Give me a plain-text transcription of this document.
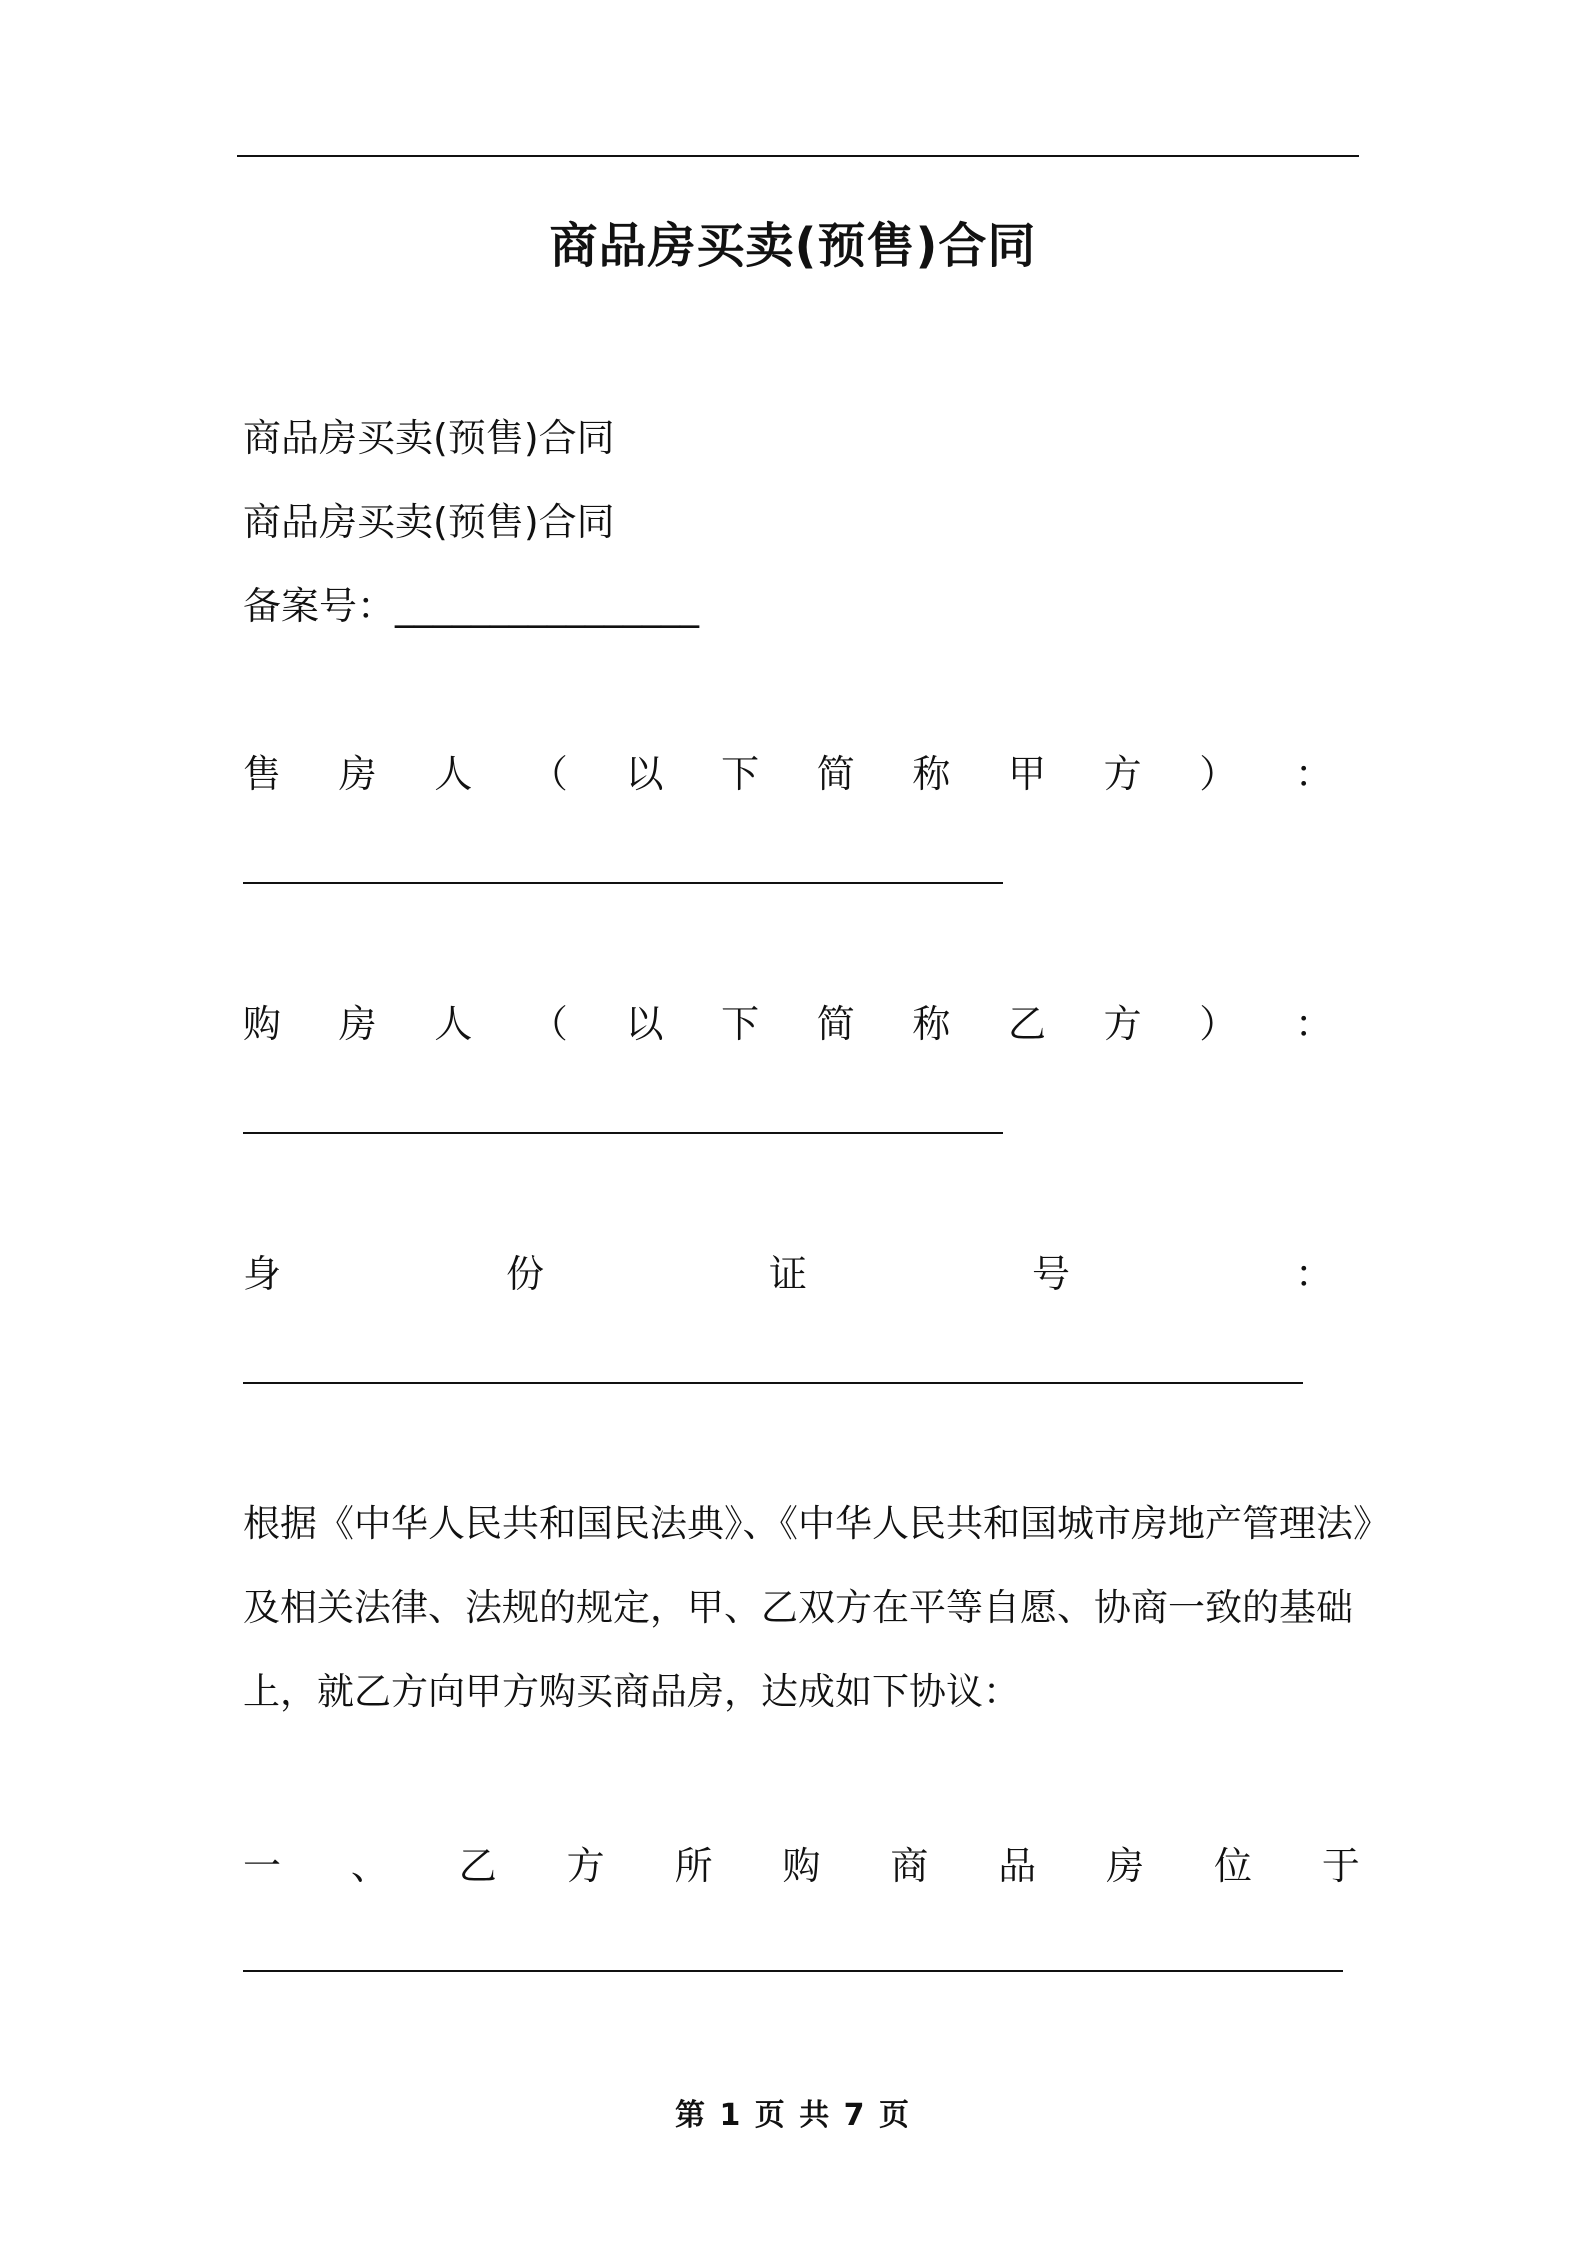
商品房买卖(预售)合同
商品房买卖(预售)合同
商品房买卖(预售)合同
备案号：________________
售 房 人 （ 以 下 简 称 甲 方 ） ：
购 房 人 （ 以 下 简 称 乙 方 ） ：
身	份	证	号	：
根据《中华人民共和国民法典》、《中华人民共和国城市房地产管理法》
及相关法律、法规的规定，甲、乙双方在平等自愿、协商一致的基础
上，就乙方向甲方购买商品房，达成如下协议：
一 、 乙 方 所 购 商 品 房 位 于
第 1 页 共 7 页
